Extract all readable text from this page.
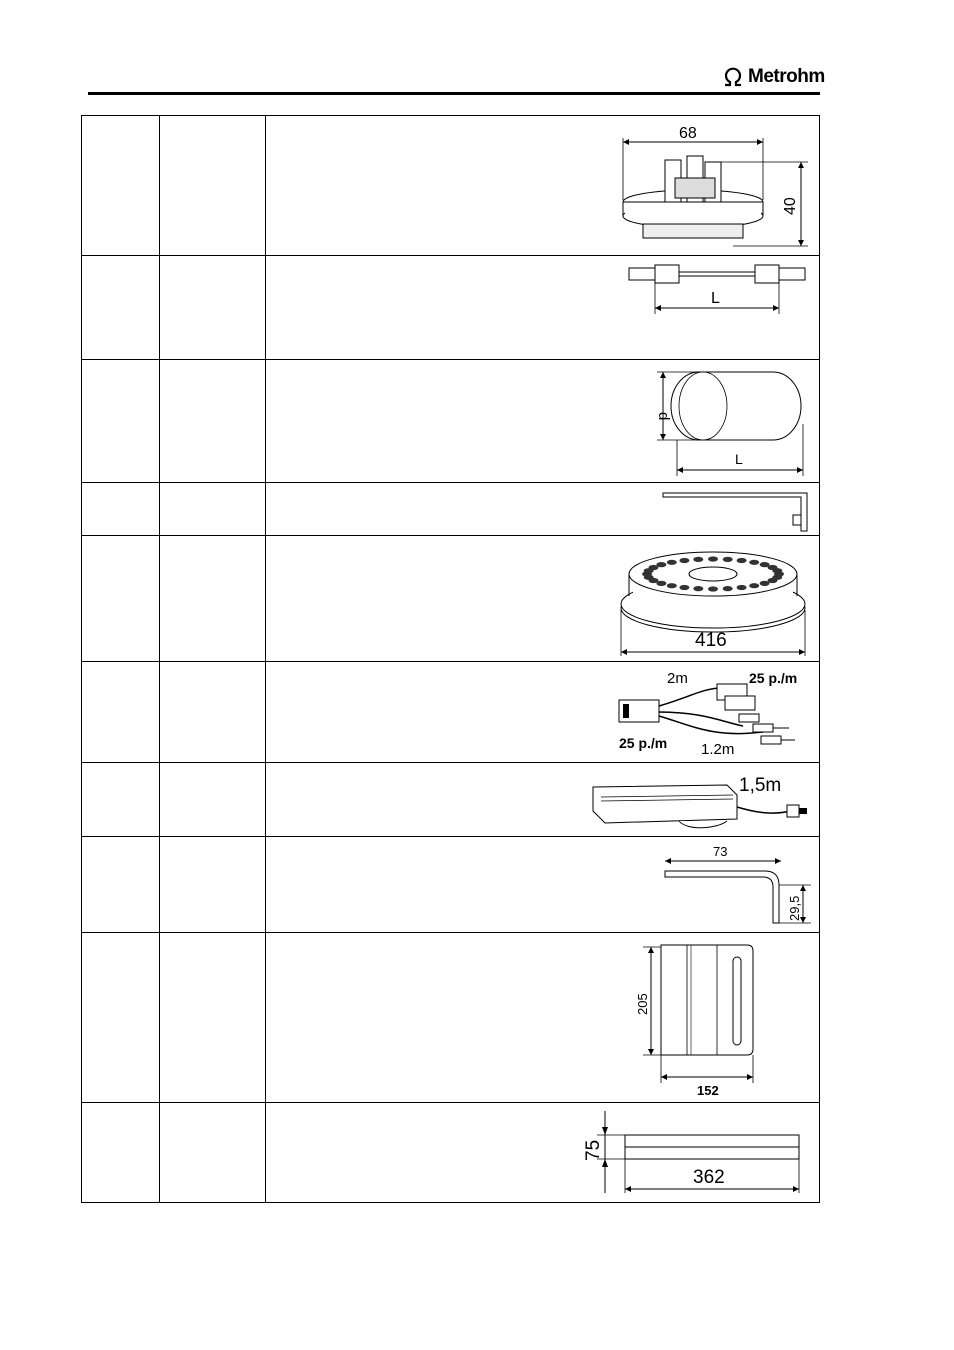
Metrohm

68
40

L

d
L

416

2m 25 p./m
25 p./m 1.2m

1,5m

73
29,5

205
152

75
362
